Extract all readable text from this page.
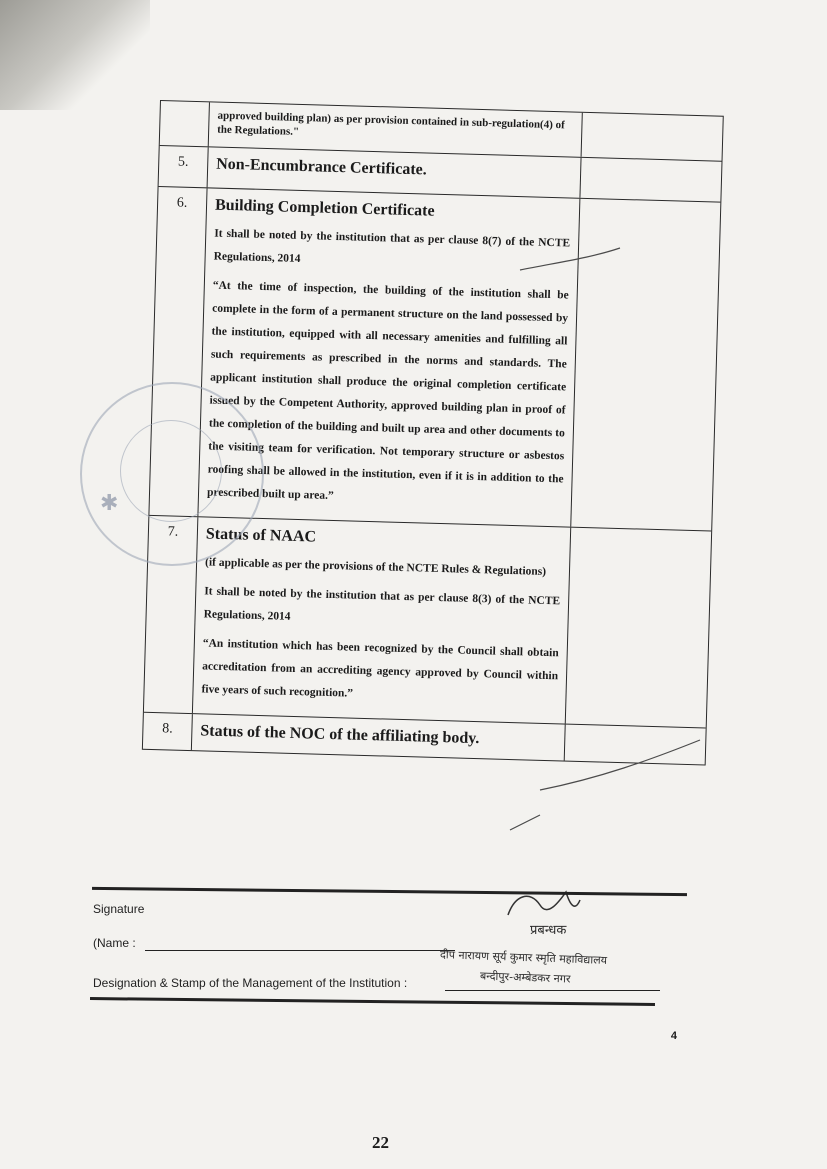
approved building plan) as per provision contained in sub-regulation(4) of the Regulations."
5.	Non-Encumbrance Certificate.
6.	Building Completion Certificate

It shall be noted by the institution that as per clause 8(7) of the NCTE Regulations, 2014

“At the time of inspection, the building of the institution shall be complete in the form of a permanent structure on the land possessed by the institution, equipped with all necessary amenities and fulfilling all such requirements as prescribed in the norms and standards. The applicant institution shall produce the original completion certificate issued by the Competent Authority, approved building plan in proof of the completion of the building and built up area and other documents to the visiting team for verification. Not temporary structure or asbestos roofing shall be allowed in the institution, even if it is in addition to the prescribed built up area.”

7.	Status of NAAC

(if applicable as per the provisions of the NCTE Rules & Regulations)

It shall be noted by the institution that as per clause 8(3) of the NCTE Regulations, 2014

“An institution which has been recognized by the Council shall obtain accreditation from an accrediting agency approved by Council within five years of such recognition.”

8.	Status of the NOC of the affiliating body.
✱
Signature
(Name :
Designation & Stamp of the Management of the Institution :
प्रबन्धक
दीप नारायण सूर्य कुमार स्मृति महाविद्यालय
बन्दीपुर-अम्बेडकर नगर
4
22
